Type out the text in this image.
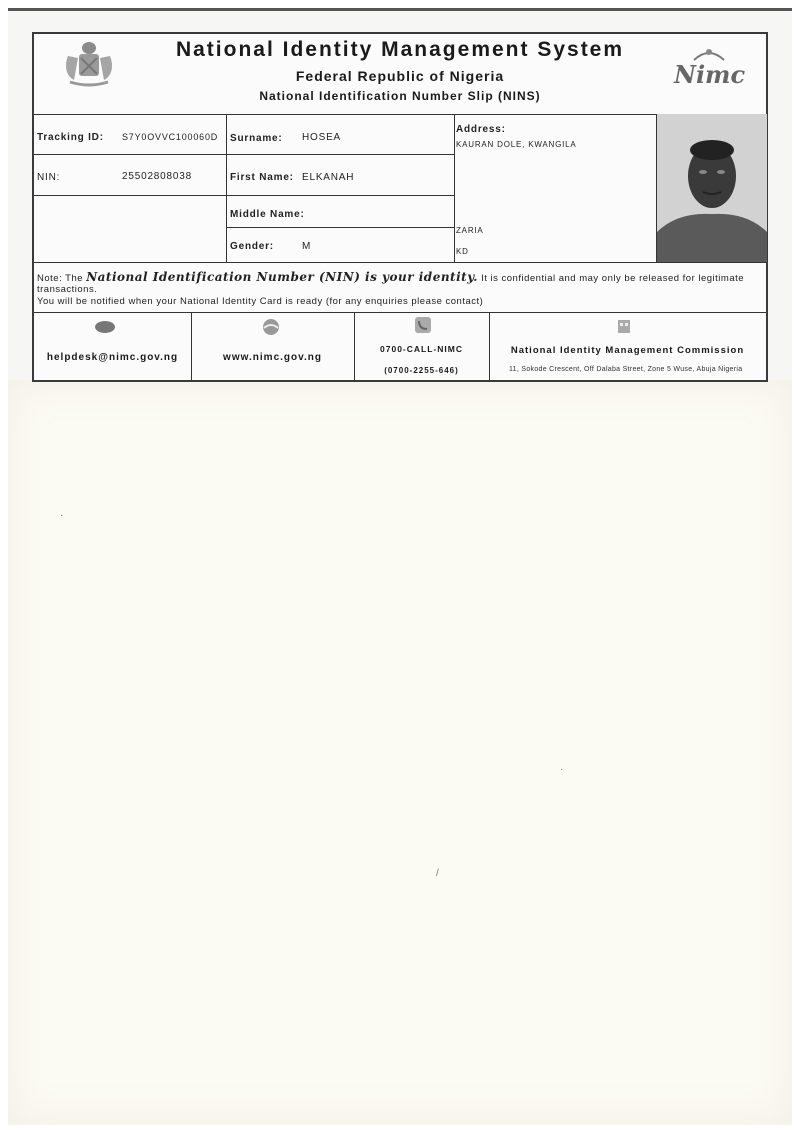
·
/
·
National Identity Management System
Federal Republic of Nigeria
National Identification Number Slip (NINS)
Nimc
Tracking ID: S7Y0OVVC100060D
NIN:	25502808038
Surname: HOSEA
First Name: ELKANAH
Middle Name:
Gender:	M
Address:
KAURAN DOLE, KWANGILA
ZARIA
KD
Note: The National Identification Number (NIN) is your identity. It is confidential and may only be released for legitimate transactions.
You will be notified when your National Identity Card is ready (for any enquiries please contact)
helpdesk@nimc.gov.ng	www.nimc.gov.ng
0700-CALL-NIMC
(0700-2255-646)
National Identity Management Commission
11, Sokode Crescent, Off Dalaba Street, Zone 5 Wuse, Abuja Nigeria
